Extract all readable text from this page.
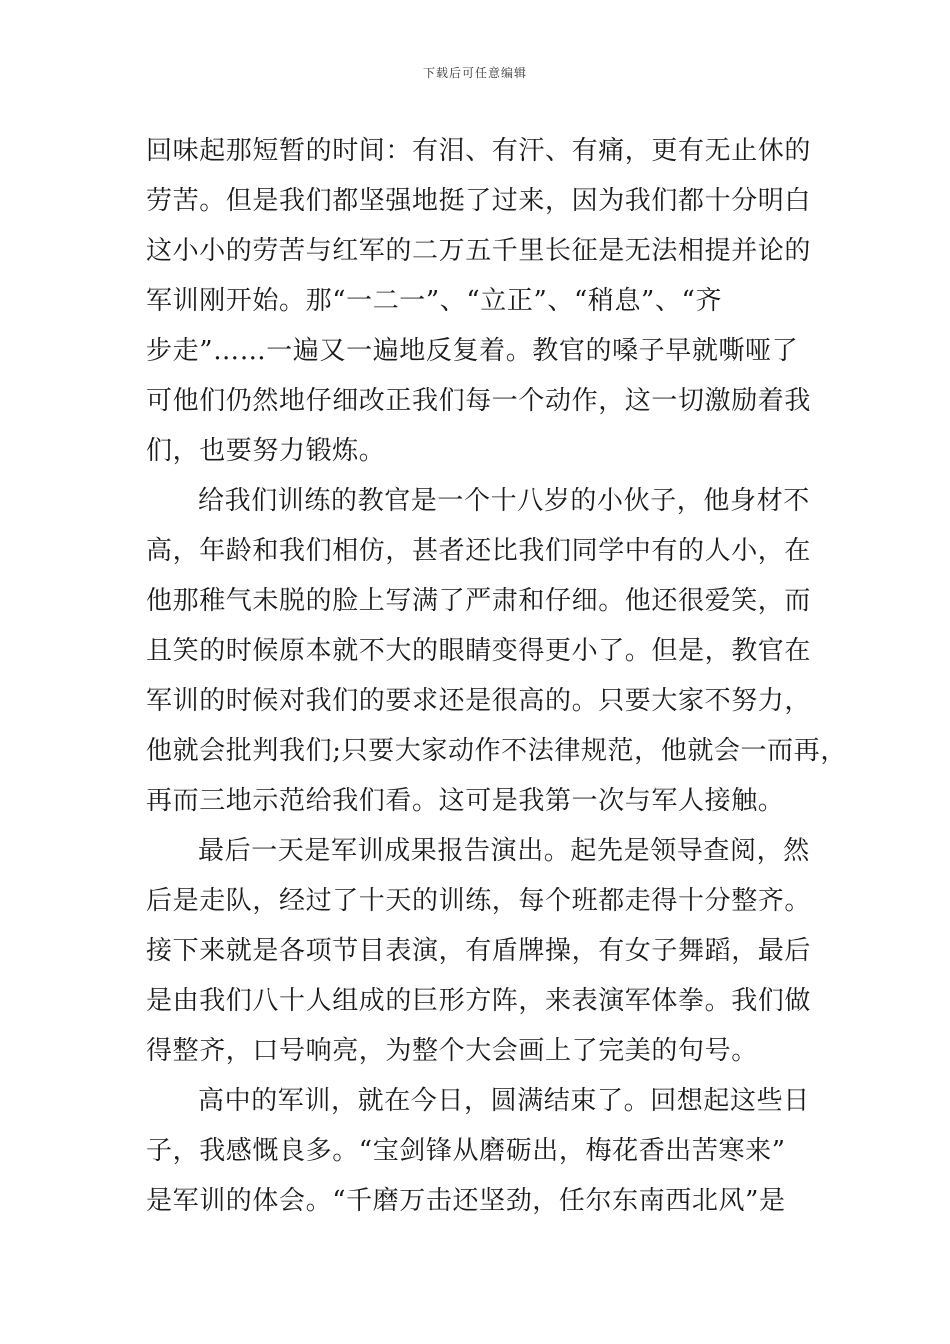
下载后可任意编辑
回味起那短暂的时间：有泪、有汗、有痛，更有无止休的
劳苦。但是我们都坚强地挺了过来，因为我们都十分明白
这小小的劳苦与红军的二万五千里长征是无法相提并论的
军训刚开始。那“一二一”、“立正”、“稍息”、“齐
步走”……一遍又一遍地反复着。教官的嗓子早就嘶哑了
可他们仍然地仔细改正我们每一个动作，这一切激励着我
们，也要努力锻炼。
给我们训练的教官是一个十八岁的小伙子，他身材不
高，年龄和我们相仿，甚者还比我们同学中有的人小，在
他那稚气未脱的脸上写满了严肃和仔细。他还很爱笑，而
且笑的时候原本就不大的眼睛变得更小了。但是，教官在
军训的时候对我们的要求还是很高的。只要大家不努力，
他就会批判我们;只要大家动作不法律规范，他就会一而再，
再而三地示范给我们看。这可是我第一次与军人接触。
最后一天是军训成果报告演出。起先是领导查阅，然
后是走队，经过了十天的训练，每个班都走得十分整齐。
接下来就是各项节目表演，有盾牌操，有女子舞蹈，最后
是由我们八十人组成的巨形方阵，来表演军体拳。我们做
得整齐，口号响亮，为整个大会画上了完美的句号。
高中的军训，就在今日，圆满结束了。回想起这些日
子，我感慨良多。“宝剑锋从磨砺出，梅花香出苦寒来”
是军训的体会。“千磨万击还坚劲，任尔东南西北风”是
